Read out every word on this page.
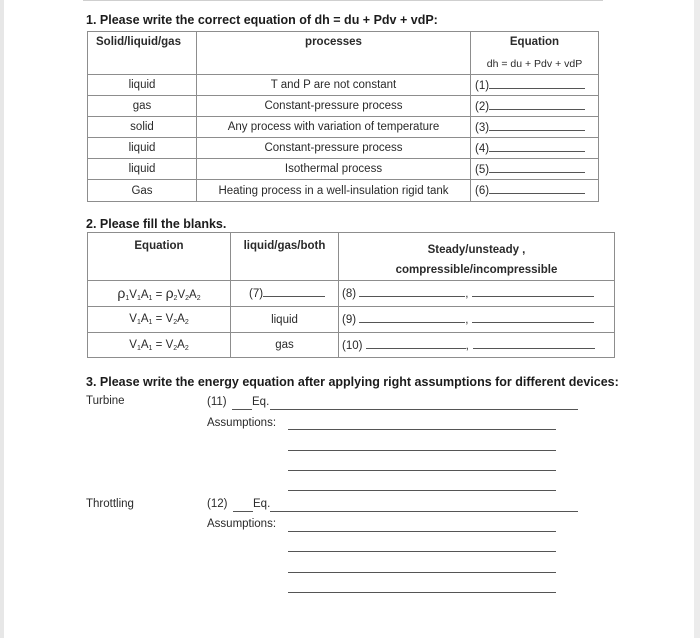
1. Please write the correct equation of dh = du + Pdv + vdP:
Solid/liquid/gas	processes	Equation
		dh = du + Pdv + vdP
liquid	T and P are not constant	(1)
gas	Constant-pressure process	(2)
solid	Any process with variation of temperature	(3)
liquid	Constant-pressure process	(4)
liquid	Isothermal process	(5)
Gas	Heating process in a well-insulation rigid tank	(6)
2. Please fill the blanks.
Equation	liquid/gas/both	Steady/unsteady ,
compressible/incompressible

$\rho_1V_1A_1 = \rho_2V_2A_2$	(7)	(8) ,
$V_1A_1 = V_2A_2$	liquid	(9) ,
$V_1A_1 = V_2A_2$	gas	(10) ,
3. Please write the energy equation after applying right assumptions for different devices:
Turbine	(11) Eq.
Assumptions:
Throttling	(12) Eq.
Assumptions:
